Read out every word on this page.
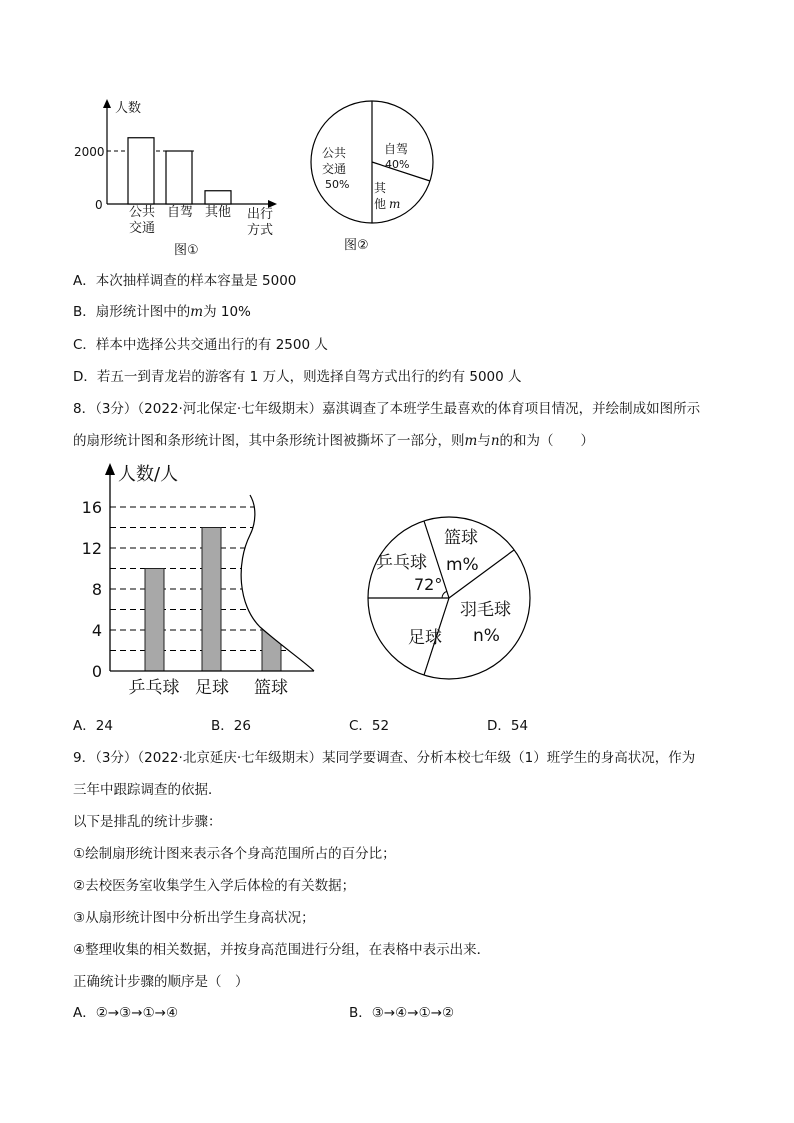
人数
2000
0 公共
交通
自驾 其他 出行
方式
图①
公共
交通
50%
自驾
40%
其
他 m
图②
A．本次抽样调查的样本容量是 5000
B．扇形统计图中的m为 10%
C．样本中选择公共交通出行的有 2500 人
D．若五一到青龙岩的游客有 1 万人，则选择自驾方式出行的约有 5000 人
8．（3分）（2022·河北保定·七年级期末）嘉淇调查了本班学生最喜欢的体育项目情况，并绘制成如图所示
的扇形统计图和条形统计图，其中条形统计图被撕坏了一部分，则m与n的和为（　　）
人数/人
0
4
8
12
16
乒乓球 足球 篮球
乒乓球
72°
篮球
m%
羽毛球
n%
足球
A．24	B．26	C．52	D．54
9．（3分）（2022·北京延庆·七年级期末）某同学要调查、分析本校七年级（1）班学生的身高状况，作为
三年中跟踪调查的依据．
以下是排乱的统计步骤：
①绘制扇形统计图来表示各个身高范围所占的百分比；
②去校医务室收集学生入学后体检的有关数据；
③从扇形统计图中分析出学生身高状况；
④整理收集的相关数据，并按身高范围进行分组，在表格中表示出来．
正确统计步骤的顺序是（　）
A．②→③→①→④	B．③→④→①→②
